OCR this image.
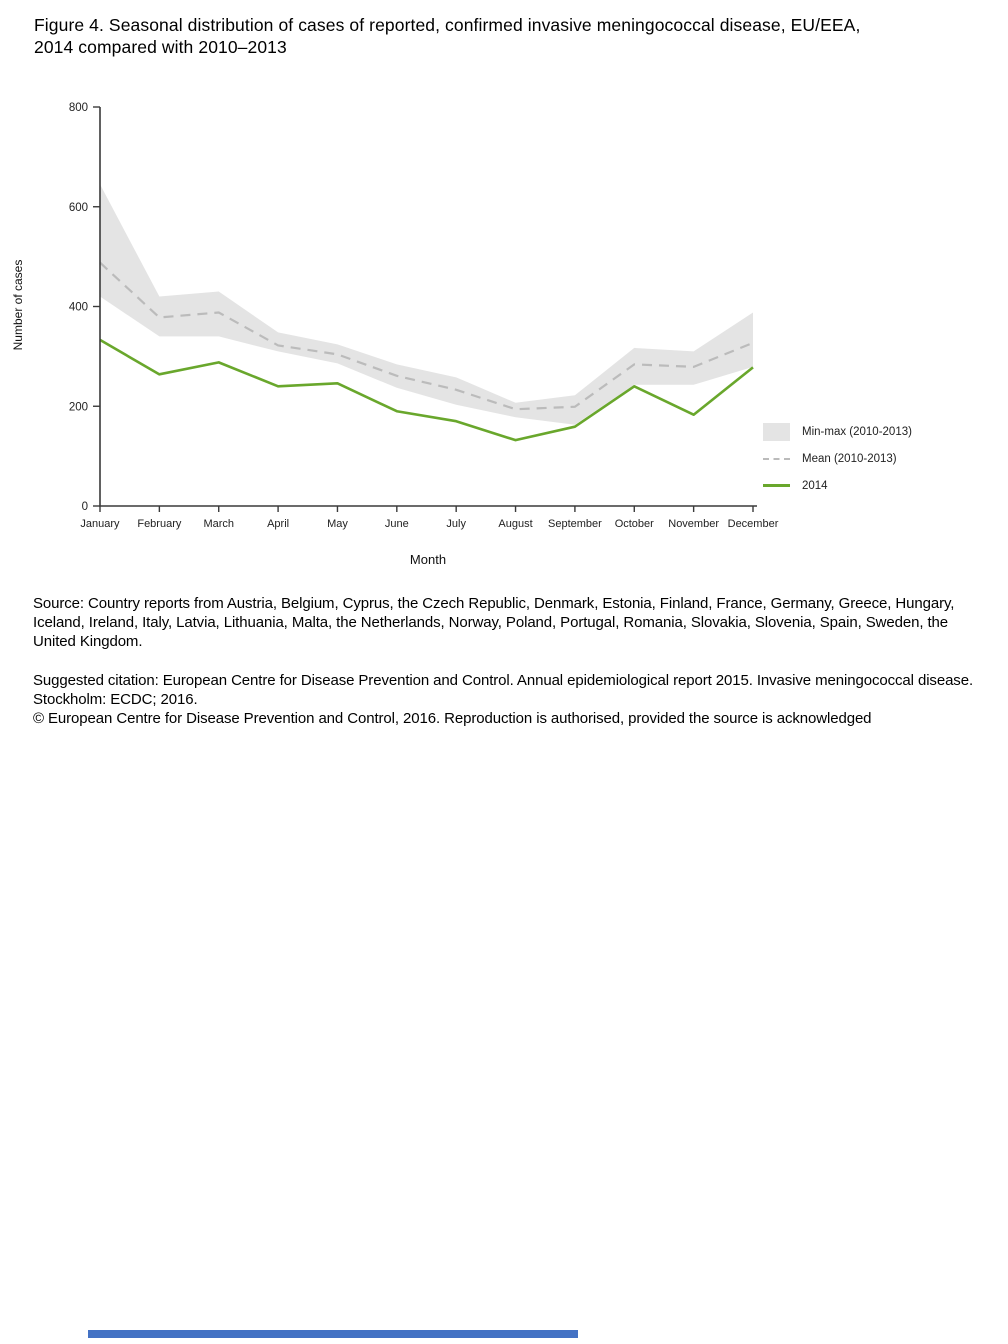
Figure 4. Seasonal distribution of cases of reported, confirmed invasive meningococcal disease, EU/EEA, 2014 compared with 2010–2013
0
200
400
600
800
January February March	April	May	June	July	August September October November December
Number of cases
Month
Min-max (2010-2013)
Mean (2010-2013)
2014
Source: Country reports from Austria, Belgium, Cyprus, the Czech Republic, Denmark, Estonia, Finland, France, Germany, Greece, Hungary, Iceland, Ireland, Italy, Latvia, Lithuania, Malta, the Netherlands, Norway, Poland, Portugal, Romania, Slovakia, Slovenia, Spain, Sweden, the United Kingdom.

Suggested citation: European Centre for Disease Prevention and Control. Annual epidemiological report 2015. Invasive meningococcal disease. Stockholm: ECDC; 2016.

© European Centre for Disease Prevention and Control, 2016. Reproduction is authorised, provided the source is acknowledged
